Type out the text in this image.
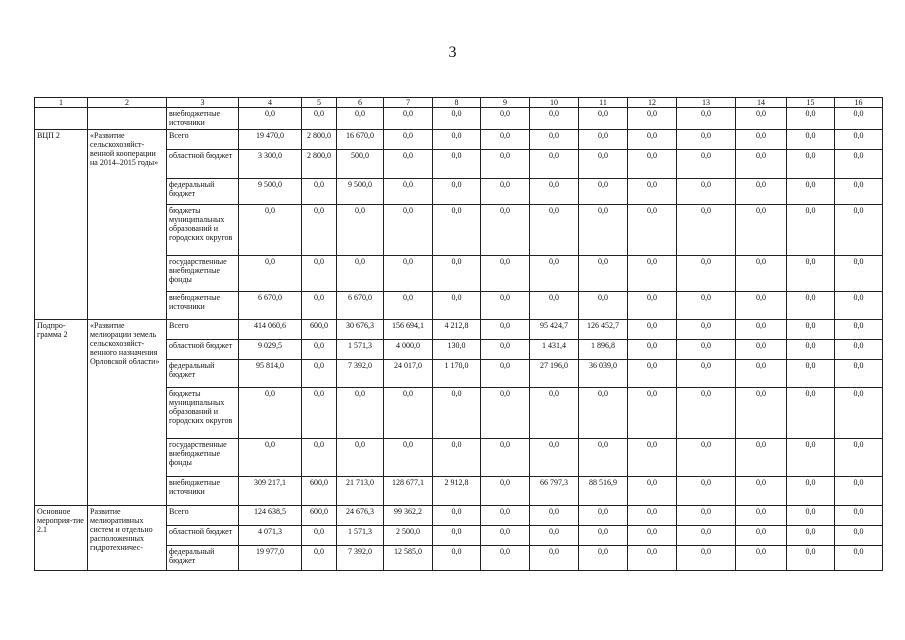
3
1	2	3	4	5	6	7	8	9	10	11	12	13	14	15	16
		внебюджетные источники	0,0	0,0	0,0	0,0	0,0	0,0	0,0	0,0	0,0	0,0	0,0	0,0	0,0
ВЦП 2	«Развитие сельскохозяйст-венной кооперации на 2014–2015 годы»	Всего	19 470,0	2 800,0	16 670,0	0,0	0,0	0,0	0,0	0,0	0,0	0,0	0,0	0,0	0,0
		областной бюджет	3 300,0	2 800,0	500,0	0,0	0,0	0,0	0,0	0,0	0,0	0,0	0,0	0,0	0,0
		федеральный бюджет	9 500,0	0,0	9 500,0	0,0	0,0	0,0	0,0	0,0	0,0	0,0	0,0	0,0	0,0
		бюджеты муниципальных образований и городских округов	0,0	0,0	0,0	0,0	0,0	0,0	0,0	0,0	0,0	0,0	0,0	0,0	0,0
		государственные внебюджетные фонды	0,0	0,0	0,0	0,0	0,0	0,0	0,0	0,0	0,0	0,0	0,0	0,0	0,0
		внебюджетные источники	6 670,0	0,0	6 670,0	0,0	0,0	0,0	0,0	0,0	0,0	0,0	0,0	0,0	0,0
Подпро-грамма 2	«Развитие мелиорации земель сельскохозяйст-венного назначения Орловской области»	Всего	414 060,6	600,0	30 676,3	156 694,1	4 212,8	0,0	95 424,7	126 452,7	0,0	0,0	0,0	0,0	0,0
		областной бюджет	9 029,5	0,0	1 571,3	4 000,0	130,0	0,0	1 431,4	1 896,8	0,0	0,0	0,0	0,0	0,0
		федеральный бюджет	95 814,0	0,0	7 392,0	24 017,0	1 170,0	0,0	27 196,0	36 039,0	0,0	0,0	0,0	0,0	0,0
		бюджеты муниципальных образований и городских округов	0,0	0,0	0,0	0,0	0,0	0,0	0,0	0,0	0,0	0,0	0,0	0,0	0,0
		государственные внебюджетные фонды	0,0	0,0	0,0	0,0	0,0	0,0	0,0	0,0	0,0	0,0	0,0	0,0	0,0
		внебюджетные источники	309 217,1	600,0	21 713,0	128 677,1	2 912,8	0,0	66 797,3	88 516,9	0,0	0,0	0,0	0,0	0,0
Основное мероприя-тие 2.1	Развитие мелиоративных систем и отдельно расположенных гидротехничес-	Всего	124 638,5	600,0	24 676,3	99 362,2	0,0	0,0	0,0	0,0	0,0	0,0	0,0	0,0	0,0
		областной бюджет	4 071,3	0,0	1 571,3	2 500,0	0,0	0,0	0,0	0,0	0,0	0,0	0,0	0,0	0,0
		федеральный бюджет	19 977,0	0,0	7 392,0	12 585,0	0,0	0,0	0,0	0,0	0,0	0,0	0,0	0,0	0,0
